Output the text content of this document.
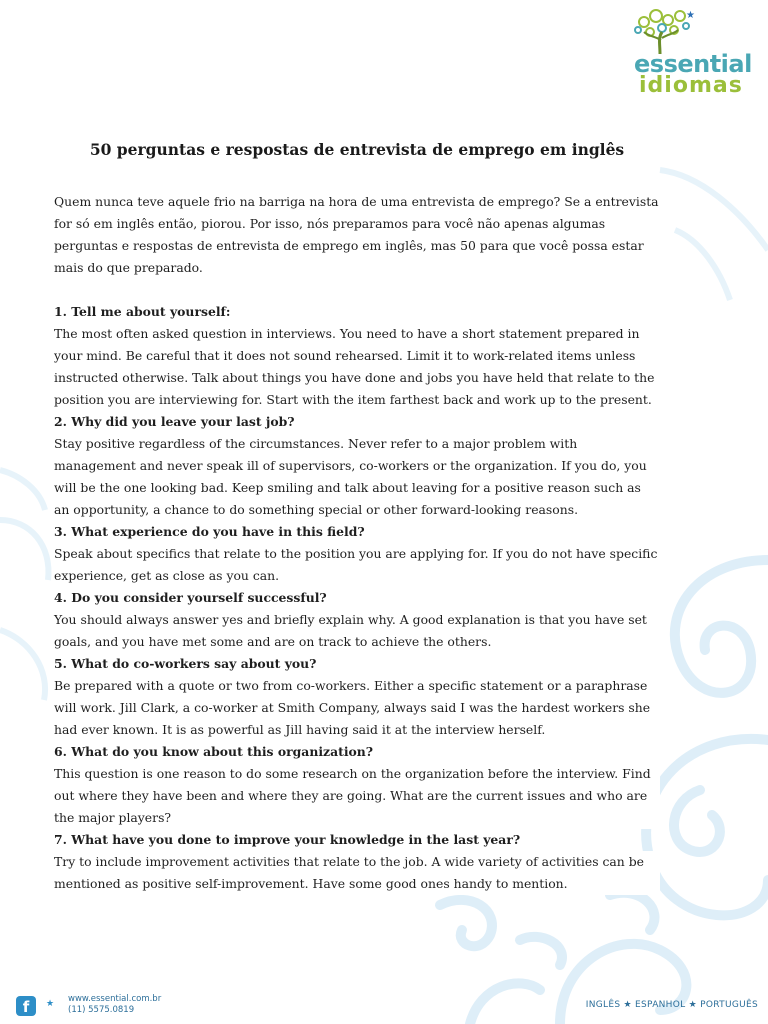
★
essential
idiomas
50 perguntas e respostas de entrevista de emprego em inglês

Quem nunca teve aquele frio na barriga na hora de uma entrevista de emprego? Se a entrevista for só em inglês então, piorou. Por isso, nós preparamos para você não apenas algumas perguntas e respostas de entrevista de emprego em inglês, mas 50 para que você possa estar mais do que preparado.

1. Tell me about yourself:

The most often asked question in interviews. You need to have a short statement prepared in your mind. Be careful that it does not sound rehearsed. Limit it to work-related items unless instructed otherwise. Talk about things you have done and jobs you have held that relate to the position you are interviewing for. Start with the item farthest back and work up to the present.

2. Why did you leave your last job?

Stay positive regardless of the circumstances. Never refer to a major problem with management and never speak ill of supervisors, co-workers or the organization. If you do, you will be the one looking bad. Keep smiling and talk about leaving for a positive reason such as an opportunity, a chance to do something special or other forward-looking reasons.

3. What experience do you have in this field?

Speak about specifics that relate to the position you are applying for. If you do not have specific experience, get as close as you can.

4. Do you consider yourself successful?

You should always answer yes and briefly explain why. A good explanation is that you have set goals, and you have met some and are on track to achieve the others.

5. What do co-workers say about you?

Be prepared with a quote or two from co-workers. Either a specific statement or a paraphrase will work. Jill Clark, a co-worker at Smith Company, always said I was the hardest workers she had ever known. It is as powerful as Jill having said it at the interview herself.

6. What do you know about this organization?

This question is one reason to do some research on the organization before the interview. Find out where they have been and where they are going. What are the current issues and who are the major players?

7. What have you done to improve your knowledge in the last year?

Try to include improvement activities that relate to the job. A wide variety of activities can be mentioned as positive self-improvement. Have some good ones handy to mention.

f	★ www.essential.com.br
(11) 5575.0819	INGLÊS ★ ESPANHOL ★ PORTUGUÊS
